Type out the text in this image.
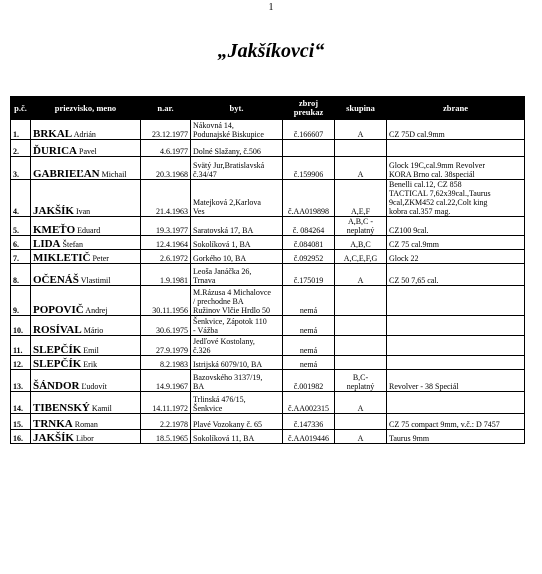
1
„Jakšíkovci“
p.č.	priezvisko, meno	n.ar.	byt.	zbroj
preukaz	skupina	zbrane

1.	BRKAL Adrián	23.12.1977	Nákovná 14,
Podunajské Biskupice	č.166607	A	CZ 75D cal.9mm

2.	ĎURICA Pavel	4.6.1977	Dolné Slažany, č.506			

3.	GABRIEĽAN Michail	20.3.1968	Svätý Jur,Bratislavská
č.34/47	č.159906	A	Glock 19C,cal.9mm Revolver
KORA Brno cal. 38speciál

4.	JAKŠÍK Ivan	21.4.1963	Matejková 2,Karlova
Ves	č.AA019898	A,E,F	Benelli cal.12, CZ 858
TACTICAL 7,62x39cal.,Taurus
9cal,ZKM452 cal.22,Colt king
kobra cal.357 mag.

5.	KMEŤO Eduard	19.3.1977	Saratovská 17, BA	č. 084264	A,B,C -
neplatný	CZ100 9cal.

6.	LIDA Štefan	12.4.1964	Sokolíková 1, BA	č.084081	A,B,C	CZ 75 cal.9mm

7.	MIKLETIČ Peter	2.6.1972	Gorkého 10, BA	č.092952	A,C,E,F,G	Glock 22

8.	OČENÁŠ Vlastimil	1.9.1981	Leoša Janáčka 26,
Trnava	č.175019	A	CZ 50 7,65 cal.

9.	POPOVIČ Andrej	30.11.1956	M.Rázusa 4 Michalovce
/ prechodne BA
Ružinov Vlčie Hrdlo 50	nemá		

10.	ROSÍVAL Mário	30.6.1975	Šenkvice, Zápotok 110
- Vážba	nemá		

11.	SLEPČÍK Emil	27.9.1979	Jedľové Kostolany,
č.326	nemá		

12.	SLEPČÍK Erik	8.2.1983	Istrijská 6079/10, BA	nemá		

13.	ŠÁNDOR Ľudovít	14.9.1967	Bazovského 3137/19,
BA	č.001982	B,C-
neplatný	Revolver - 38 Speciál

14.	TIBENSKÝ Kamil	14.11.1972	Trlinská 476/15,
Šenkvice	č.AA002315	A	

15.	TRNKA Roman	2.2.1978	Plavé Vozokany č. 65	č.147336		CZ 75 compact 9mm, v.č.: D 7457

16.	JAKŠÍK Libor	18.5.1965	Sokolíková 11, BA	č.AA019446	A	Taurus 9mm
